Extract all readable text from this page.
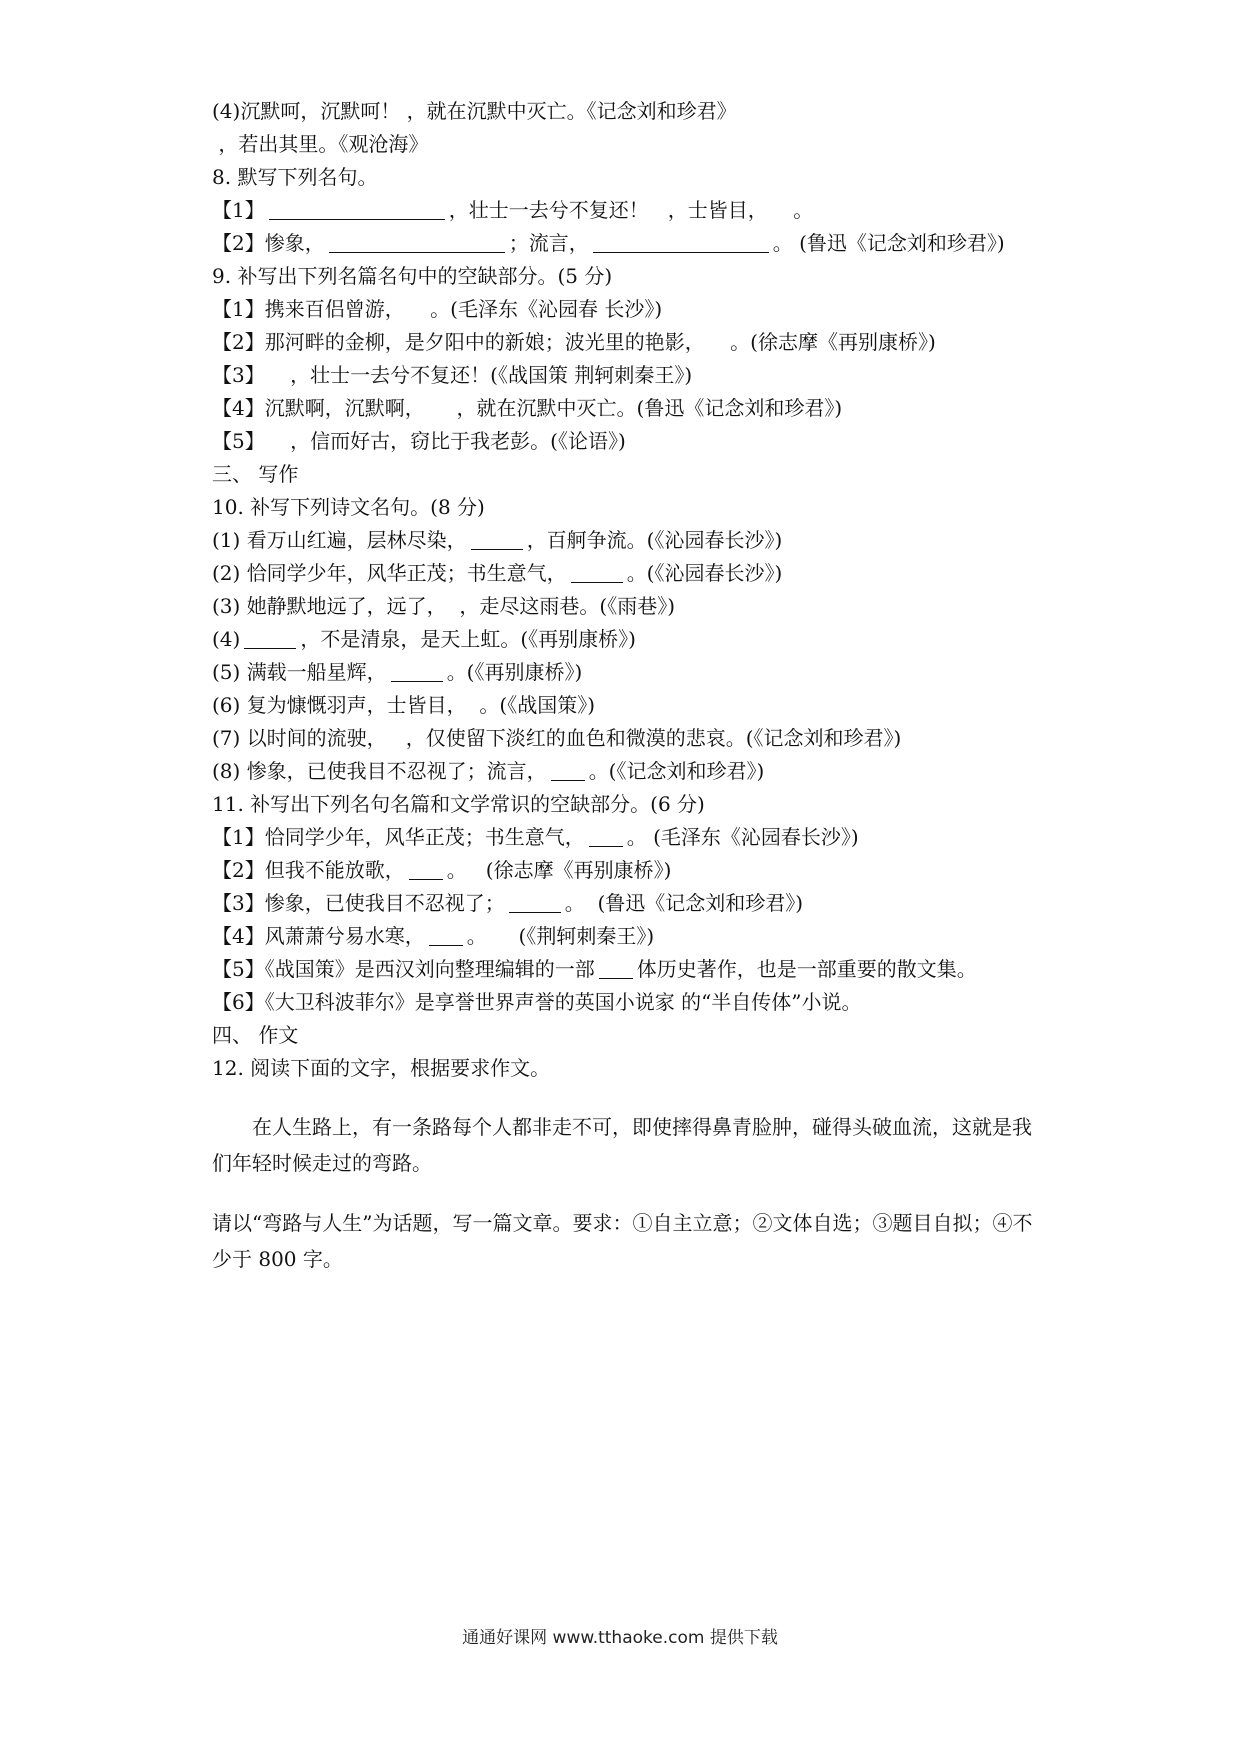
(4)沉默呵，沉默呵！ ，就在沉默中灭亡。《记念刘和珍君》
，若出其里。《观沧海》
8. 默写下列名句。
【1】	，壮士一去兮不复还！   ，士皆目，    。
【2】惨象，	；流言，	。 (鲁迅《记念刘和珍君》)
9. 补写出下列名篇名句中的空缺部分。(5 分)
【1】携来百侣曾游，    。(毛泽东《沁园春 长沙》)
【2】那河畔的金柳，是夕阳中的新娘；波光里的艳影，    。(徐志摩《再别康桥》)
【3】    ，壮士一去兮不复还！(《战国策 荆轲刺秦王》)
【4】沉默啊，沉默啊，     ，就在沉默中灭亡。(鲁迅《记念刘和珍君》)
【5】    ，信而好古，窃比于我老彭。(《论语》)
三、 写作
10. 补写下列诗文名句。(8 分)
(1) 看万山红遍，层林尽染，	，百舸争流。(《沁园春长沙》)
(2) 恰同学少年，风华正茂；书生意气，	。(《沁园春长沙》)
(3) 她静默地远了，远了，  ，走尽这雨巷。(《雨巷》)
(4)	，不是清泉，是天上虹。(《再别康桥》)
(5) 满载一船星辉，	。(《再别康桥》)
(6) 复为慷慨羽声，士皆目，  。(《战国策》)
(7) 以时间的流驶，   ，仅使留下淡红的血色和微漠的悲哀。(《记念刘和珍君》)
(8) 惨象，已使我目不忍视了；流言， 。(《记念刘和珍君》)
11. 补写出下列名句名篇和文学常识的空缺部分。(6 分)
【1】恰同学少年，风华正茂；书生意气， 。 (毛泽东《沁园春长沙》)
【2】但我不能放歌， 。   (徐志摩《再别康桥》)
【3】惨象，已使我目不忍视了；	。  (鲁迅《记念刘和珍君》)
【4】风萧萧兮易水寒， 。     (《荆轲刺秦王》)
【5】《战国策》是西汉刘向整理编辑的一部 体历史著作，也是一部重要的散文集。
【6】《大卫科波菲尔》是享誉世界声誉的英国小说家 的“半自传体”小说。
四、 作文
12. 阅读下面的文字，根据要求作文。
在人生路上，有一条路每个人都非走不可，即使摔得鼻青脸肿，碰得头破血流，这就是我们年轻时候走过的弯路。
请以“弯路与人生”为话题，写一篇文章。要求：①自主立意；②文体自选；③题目自拟；④不少于 800 字。
通通好课网 www.tthaoke.com 提供下载
